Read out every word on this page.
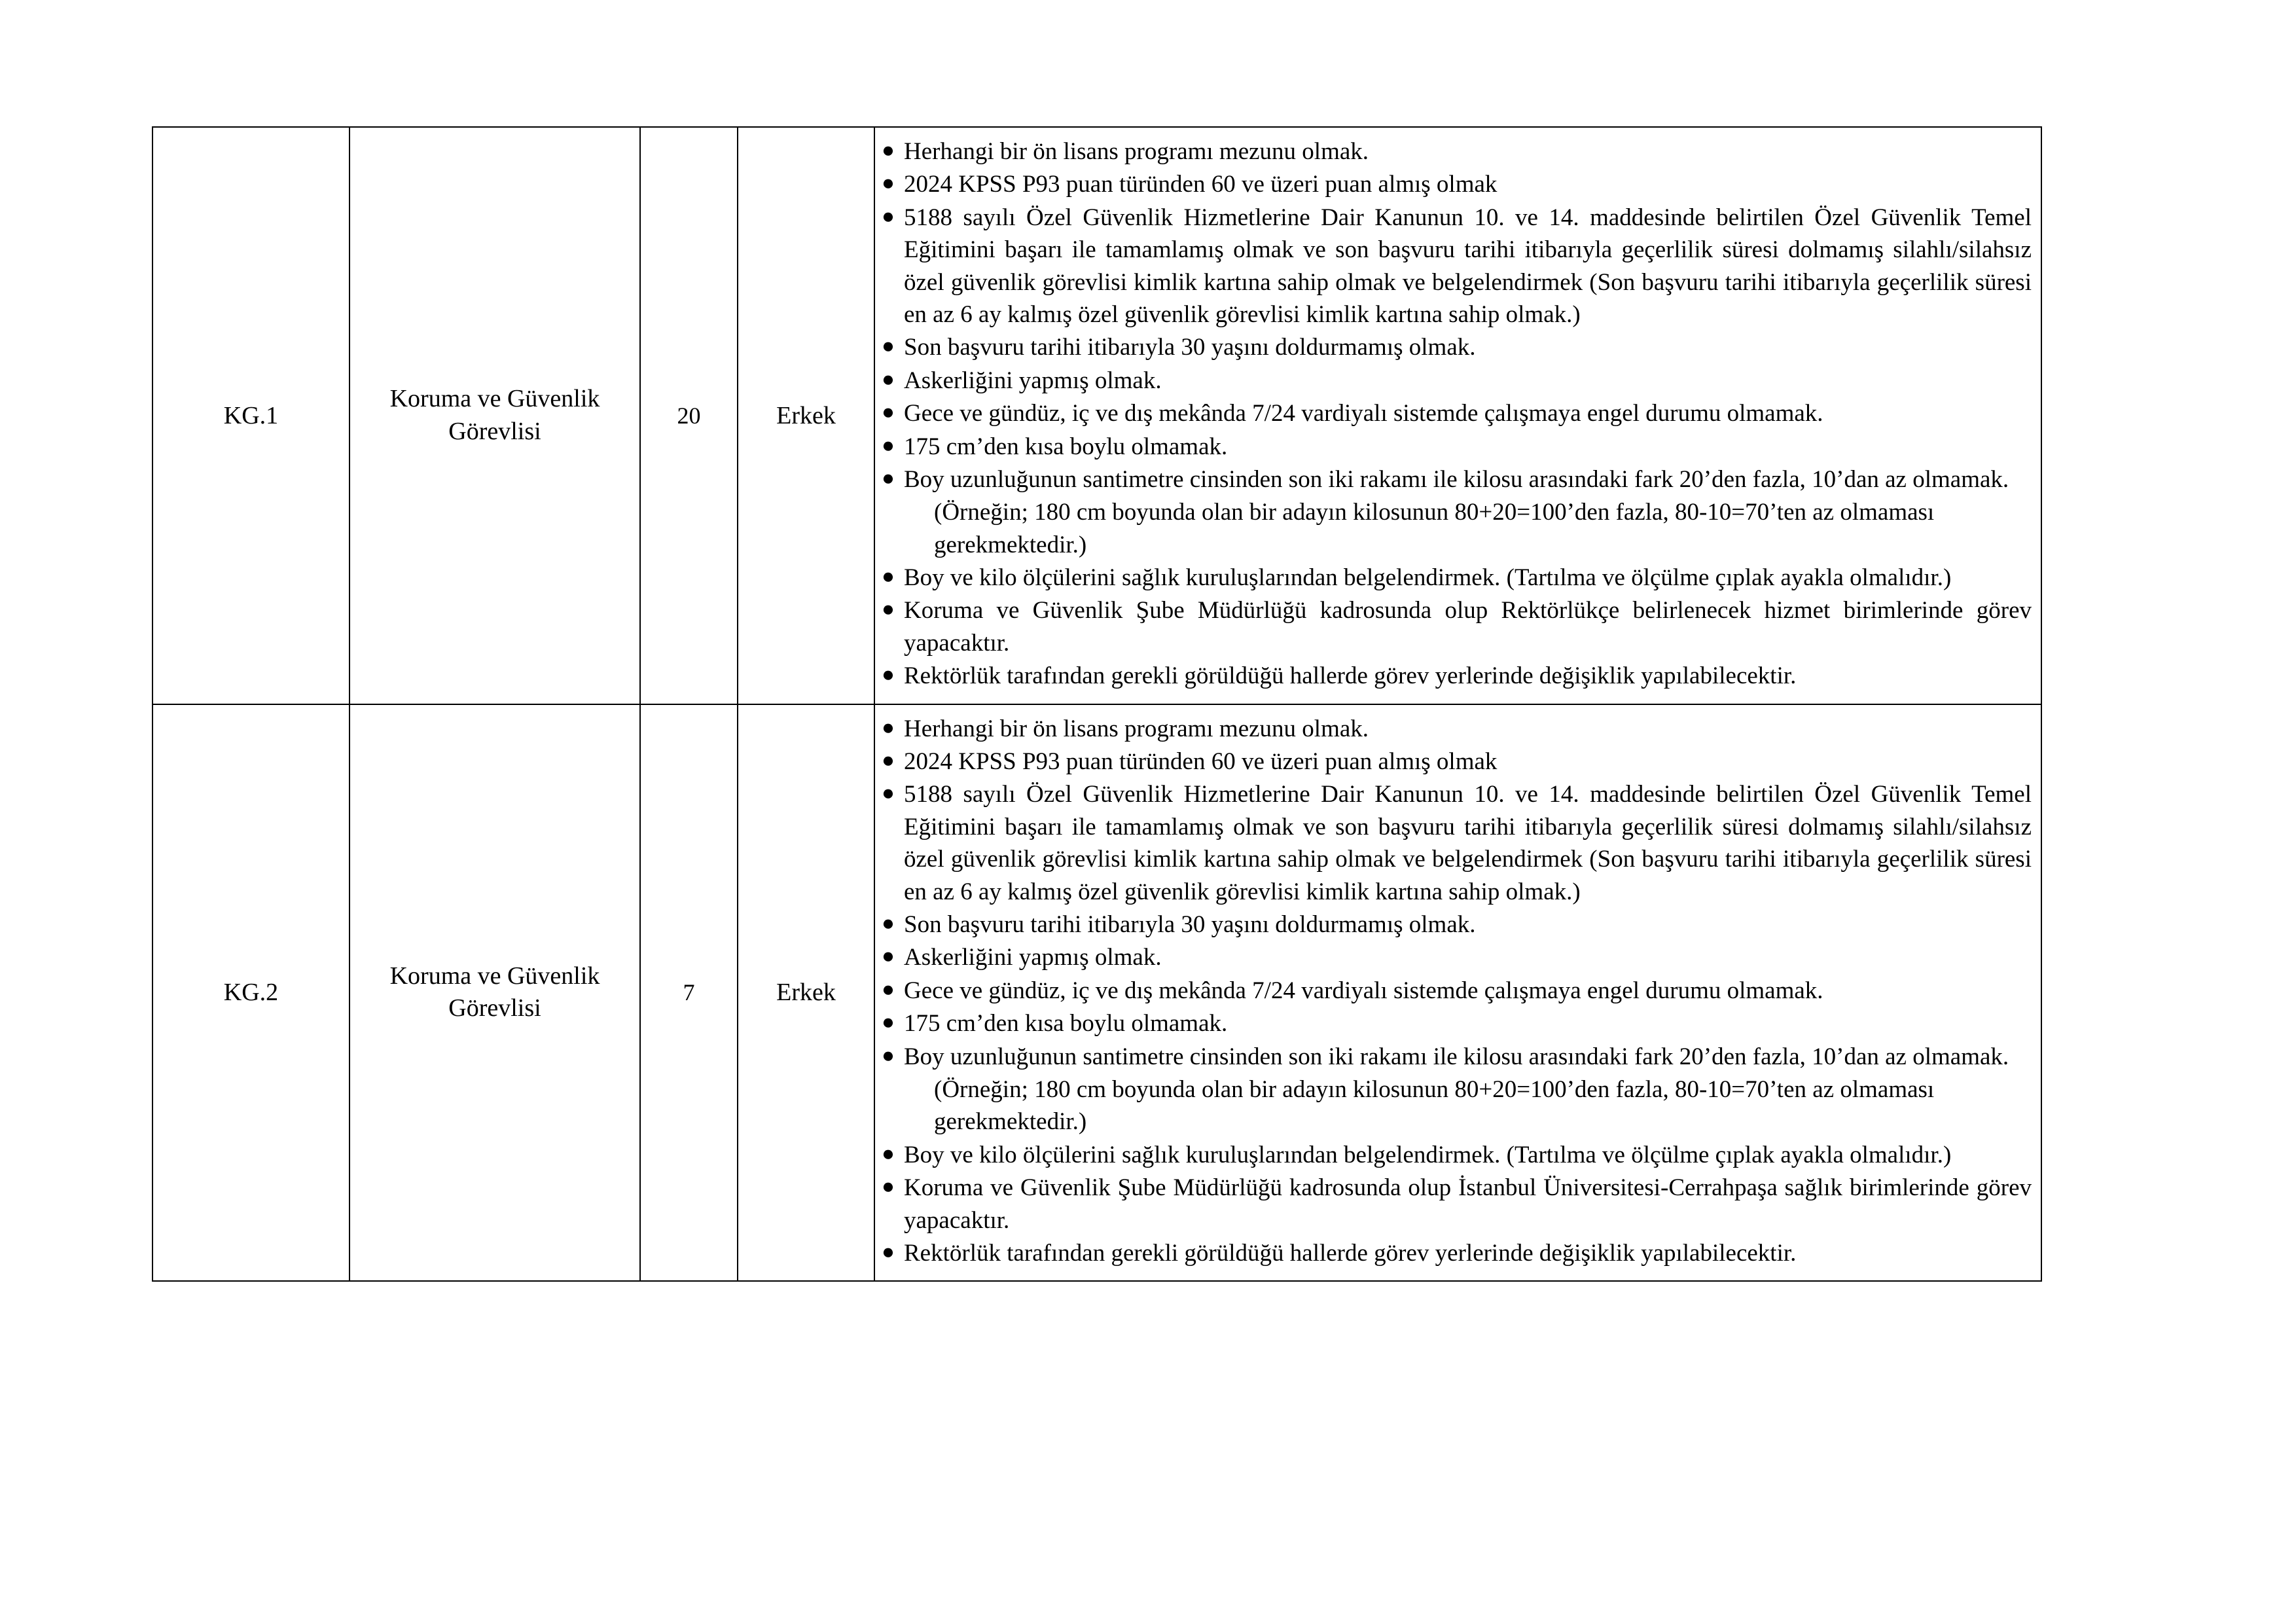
KG.1	Koruma ve Güvenlik Görevlisi	20	Erkek	

● Herhangi bir ön lisans programı mezunu olmak.

● 2024 KPSS P93 puan türünden 60 ve üzeri puan almış olmak

● 5188 sayılı Özel Güvenlik Hizmetlerine Dair Kanunun 10. ve 14. maddesinde belirtilen Özel Güvenlik Temel Eğitimini başarı ile tamamlamış olmak ve son başvuru tarihi itibarıyla geçerlilik süresi dolmamış silahlı/silahsız özel güvenlik görevlisi kimlik kartına sahip olmak ve belgelendirmek (Son başvuru tarihi itibarıyla geçerlilik süresi en az 6 ay kalmış özel güvenlik görevlisi kimlik kartına sahip olmak.)

● Son başvuru tarihi itibarıyla 30 yaşını doldurmamış olmak.

● Askerliğini yapmış olmak.

● Gece ve gündüz, iç ve dış mekânda 7/24 vardiyalı sistemde çalışmaya engel durumu olmamak.

● 175 cm’den kısa boylu olmamak.

● Boy uzunluğunun santimetre cinsinden son iki rakamı ile kilosu arasındaki fark 20’den fazla, 10’dan az olmamak.

(Örneğin; 180 cm boyunda olan bir adayın kilosunun 80+20=100’den fazla, 80-10=70’ten az olmaması gerekmektedir.)

● Boy ve kilo ölçülerini sağlık kuruluşlarından belgelendirmek. (Tartılma ve ölçülme çıplak ayakla olmalıdır.)

● Koruma ve Güvenlik Şube Müdürlüğü kadrosunda olup Rektörlükçe belirlenecek hizmet birimlerinde görev yapacaktır.

● Rektörlük tarafından gerekli görüldüğü hallerde görev yerlerinde değişiklik yapılabilecektir.

KG.2	Koruma ve Güvenlik Görevlisi	7	Erkek	

● Herhangi bir ön lisans programı mezunu olmak.

● 2024 KPSS P93 puan türünden 60 ve üzeri puan almış olmak

● 5188 sayılı Özel Güvenlik Hizmetlerine Dair Kanunun 10. ve 14. maddesinde belirtilen Özel Güvenlik Temel Eğitimini başarı ile tamamlamış olmak ve son başvuru tarihi itibarıyla geçerlilik süresi dolmamış silahlı/silahsız özel güvenlik görevlisi kimlik kartına sahip olmak ve belgelendirmek (Son başvuru tarihi itibarıyla geçerlilik süresi en az 6 ay kalmış özel güvenlik görevlisi kimlik kartına sahip olmak.)

● Son başvuru tarihi itibarıyla 30 yaşını doldurmamış olmak.

● Askerliğini yapmış olmak.

● Gece ve gündüz, iç ve dış mekânda 7/24 vardiyalı sistemde çalışmaya engel durumu olmamak.

● 175 cm’den kısa boylu olmamak.

● Boy uzunluğunun santimetre cinsinden son iki rakamı ile kilosu arasındaki fark 20’den fazla, 10’dan az olmamak.

(Örneğin; 180 cm boyunda olan bir adayın kilosunun 80+20=100’den fazla, 80-10=70’ten az olmaması gerekmektedir.)

● Boy ve kilo ölçülerini sağlık kuruluşlarından belgelendirmek. (Tartılma ve ölçülme çıplak ayakla olmalıdır.)

● Koruma ve Güvenlik Şube Müdürlüğü kadrosunda olup İstanbul Üniversitesi-Cerrahpaşa sağlık birimlerinde görev yapacaktır.

● Rektörlük tarafından gerekli görüldüğü hallerde görev yerlerinde değişiklik yapılabilecektir.
